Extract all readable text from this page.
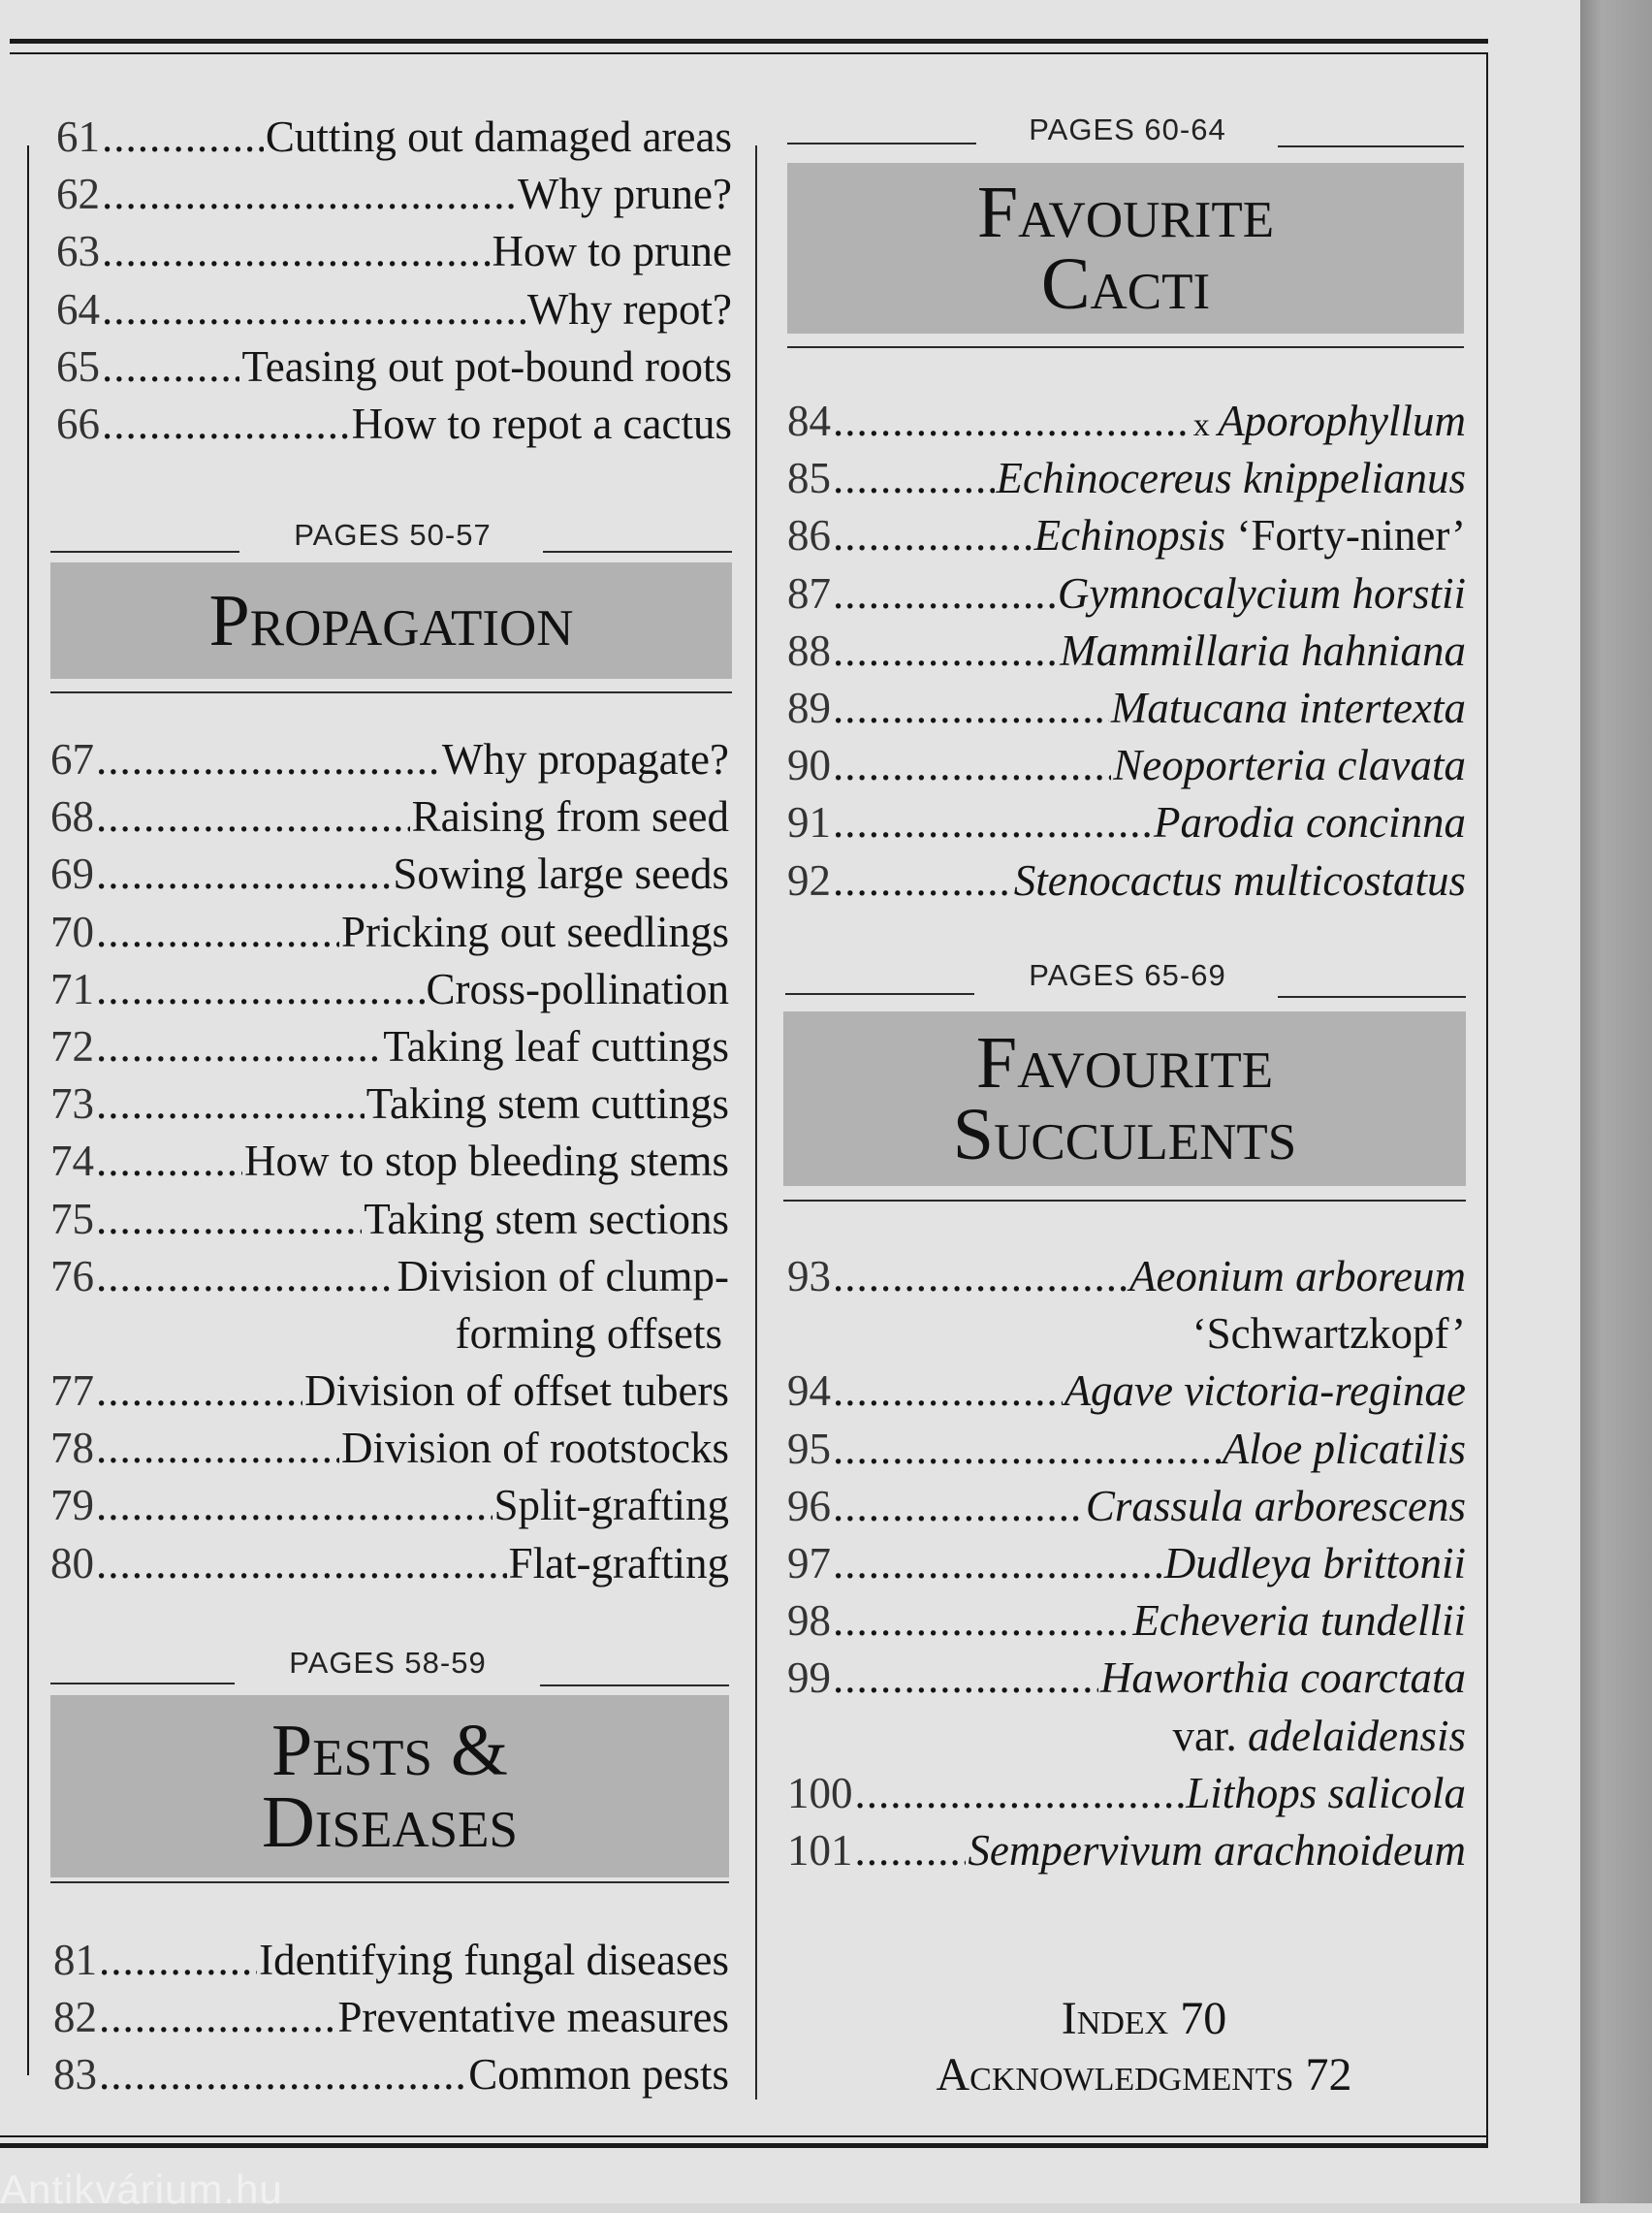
61 .....	Cutting out damaged areas
62 .....	Why prune?
63 .....	How to prune
64 .....	Why repot?
65 .....	Teasing out pot-bound roots
66 .....	How to repot a cactus
PAGES 50-57
Propagation
67 .....	Why propagate?
68 .....	Raising from seed
69 .....	Sowing large seeds
70 .....	Pricking out seedlings
71 .....	Cross-pollination
72 .....	Taking leaf cuttings
73 .....	Taking stem cuttings
74 .....	How to stop bleeding stems
75 .....	Taking stem sections
76 .....	Division of clump-
forming offsets
77 .....	Division of offset tubers
78 .....	Division of rootstocks
79 .....	Split-grafting
80 .....	Flat-grafting
PAGES 58-59
Pests &
Diseases
81 .....	Identifying fungal diseases
82 .....	Preventative measures
83 .....	Common pests
PAGES 60-64
Favourite
Cacti
84 .....	x Aporophyllum
85 .....	Echinocereus knippelianus
86 .....	Echinopsis ‘Forty-niner’
87 .....	Gymnocalycium horstii
88 .....	Mammillaria hahniana
89 .....	Matucana intertexta
90 .....	Neoporteria clavata
91 .....	Parodia concinna
92 .....	Stenocactus multicostatus
PAGES 65-69
Favourite
Succulents
93 .....	Aeonium arboreum
‘Schwartzkopf’
94 .....	Agave victoria-reginae
95 .....	Aloe plicatilis
96 .....	Crassula arborescens
97 .....	Dudleya brittonii
98 .....	Echeveria tundellii
99 .....	Haworthia coarctata
var. adelaidensis
100 .....	Lithops salicola
101 .....	Sempervivum arachnoideum
Index 70
Acknowledgments 72
Antikvárium.hu
